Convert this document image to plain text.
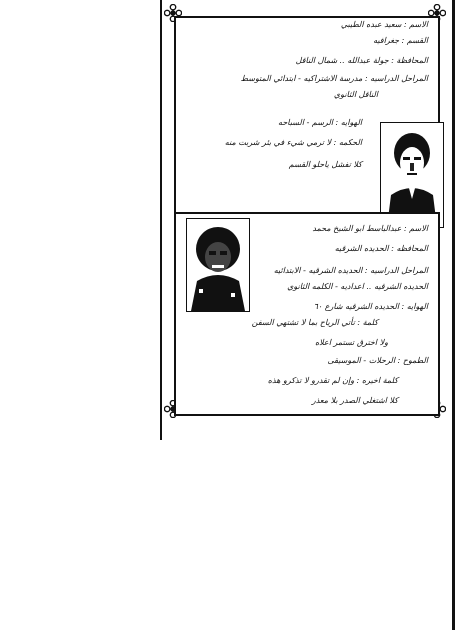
الاسم : سعيد عبده الطيبي
القسم : جغرافيه
المحافظة : جولة عبدالله .. شمال الناقل
المراحل الدراسيه : مدرسة الاشتراكيه - ابتدائي المتوسط
الناقل الثانوي
الهوايه : الرسم - السباحه
الحكمه : لا ترمي شيء في بئر شربت منه
كلا تفشل ياحلو القسم
الاسم : عبدالباسط ابو الشيخ محمد
المحافظه : الحديده الشرقيه
المراحل الدراسيه : الحديده الشرقيه - الابتدائيه
الحديده الشرقيه .. اعداديه - الكلمه الثانوي
الهوايه : الحديده الشرقيه شارع ٦٠
كلمة : تأتي الرياح بما لا تشتهي السفن
ولا اخترق تستمر اعلاه
الطموح : الرحلات - الموسيقى
كلمة اخيره : وإن لم تقدرو لا تذكرو هذه
كلا اشتغلي الصدر بلا معذر
